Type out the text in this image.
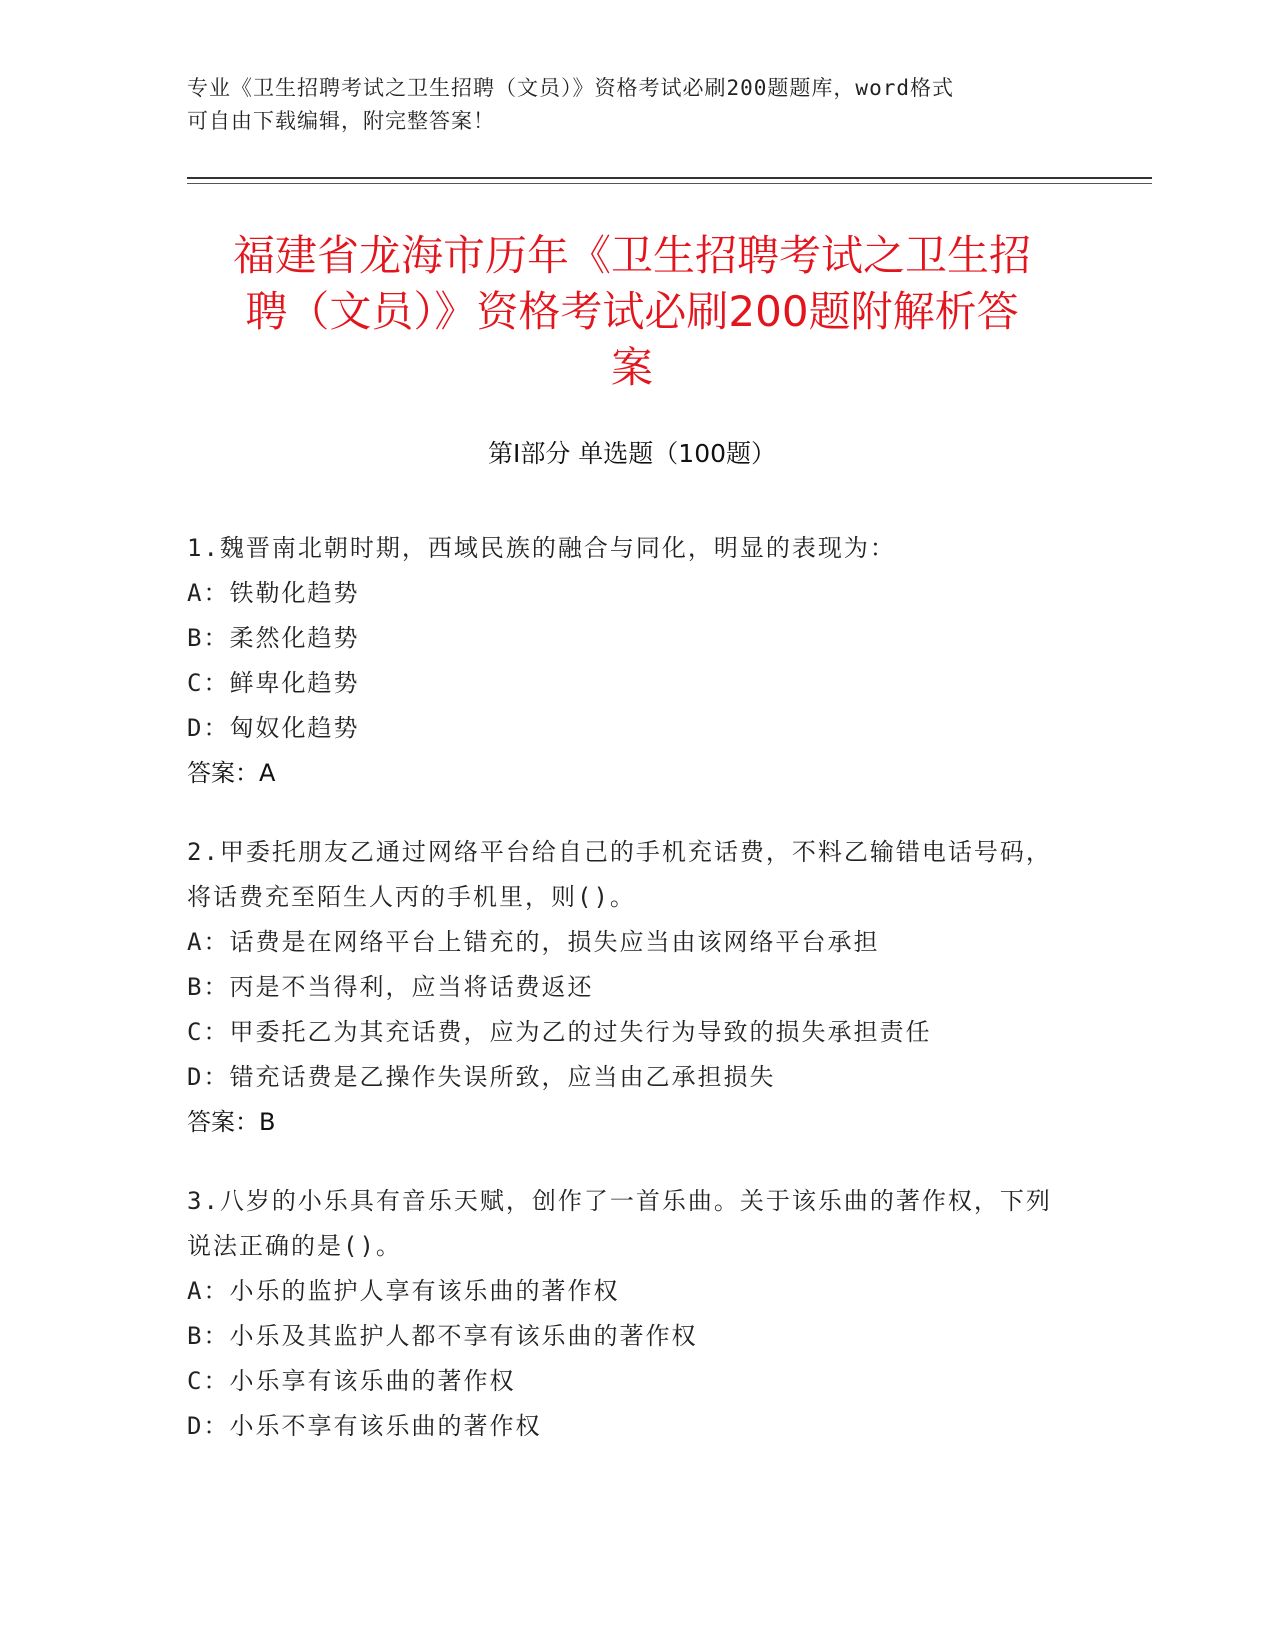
专业《卫生招聘考试之卫生招聘（文员）》资格考试必刷200题题库，word格式
可自由下载编辑，附完整答案！
福建省龙海市历年《卫生招聘考试之卫生招
聘（文员）》资格考试必刷200题附解析答
案
第Ⅰ部分 单选题（100题）
1.魏晋南北朝时期，西域民族的融合与同化，明显的表现为：
A：铁勒化趋势
B：柔然化趋势
C：鲜卑化趋势
D：匈奴化趋势
答案：A
2.甲委托朋友乙通过网络平台给自己的手机充话费，不料乙输错电话号码，将话费充至陌生人丙的手机里，则()。
A：话费是在网络平台上错充的，损失应当由该网络平台承担
B：丙是不当得利，应当将话费返还
C：甲委托乙为其充话费，应为乙的过失行为导致的损失承担责任
D：错充话费是乙操作失误所致，应当由乙承担损失
答案：B
3.八岁的小乐具有音乐天赋，创作了一首乐曲。关于该乐曲的著作权，下列说法正确的是()。
A：小乐的监护人享有该乐曲的著作权
B：小乐及其监护人都不享有该乐曲的著作权
C：小乐享有该乐曲的著作权
D：小乐不享有该乐曲的著作权
